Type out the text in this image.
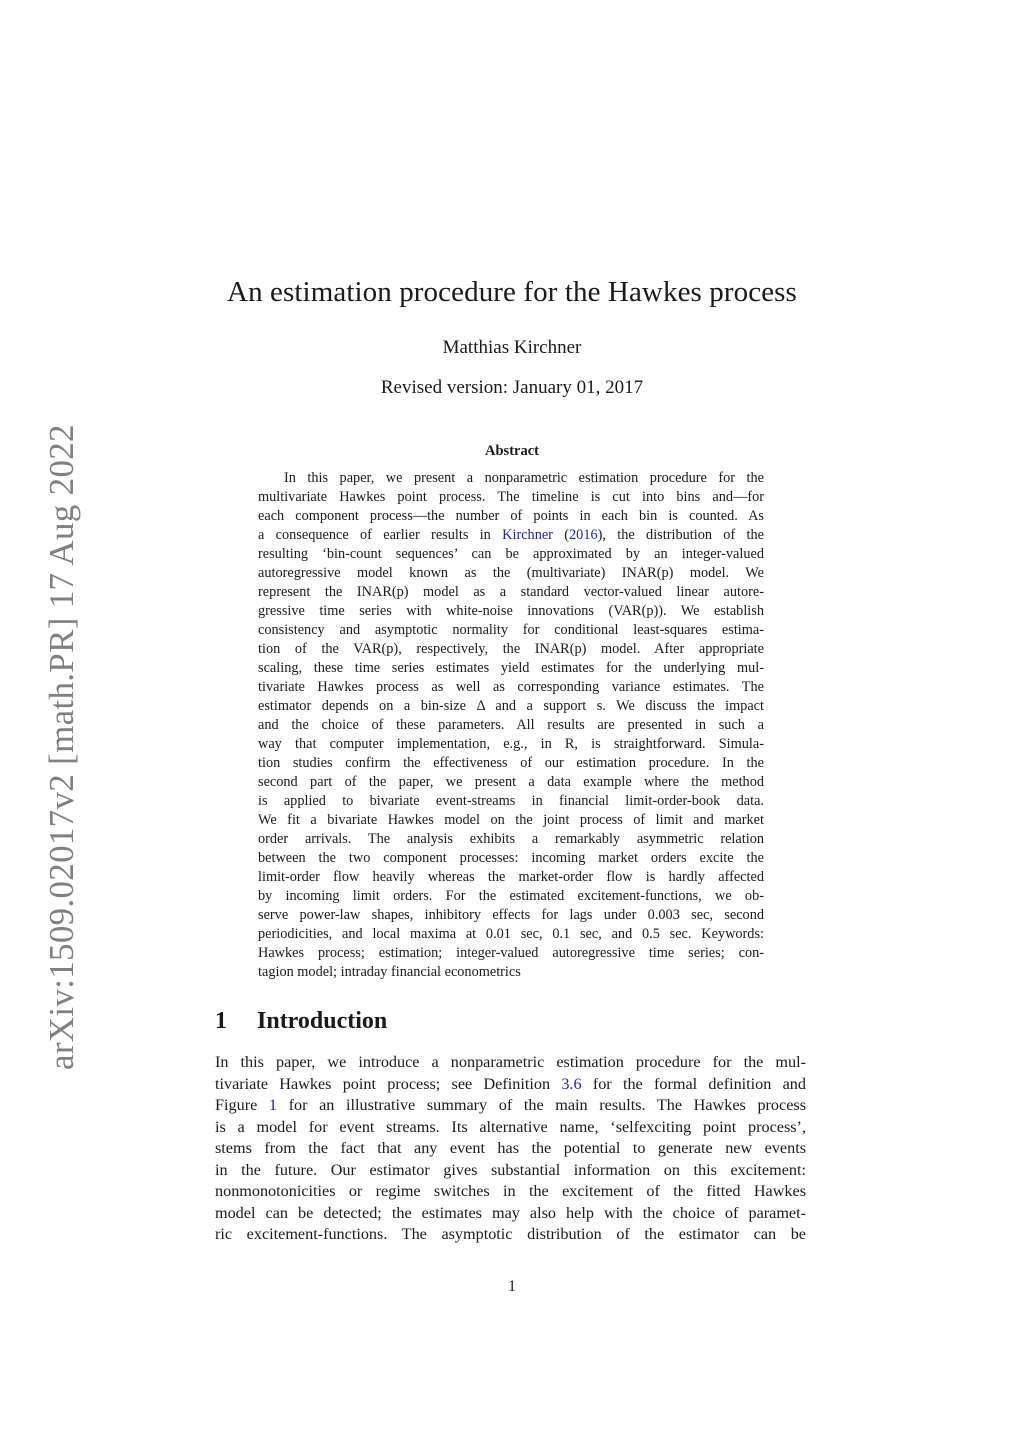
arXiv:1509.02017v2 [math.PR] 17 Aug 2022
An estimation procedure for the Hawkes process
Matthias Kirchner
Revised version: January 01, 2017
Abstract
In this paper, we present a nonparametric estimation procedure for the
multivariate Hawkes point process. The timeline is cut into bins and—for
each component process—the number of points in each bin is counted. As
a consequence of earlier results in Kirchner (2016), the distribution of the
resulting ‘bin-count sequences’ can be approximated by an integer-valued
autoregressive model known as the (multivariate) INAR(p) model. We
represent the INAR(p) model as a standard vector-valued linear autore-
gressive time series with white-noise innovations (VAR(p)). We establish
consistency and asymptotic normality for conditional least-squares estima-
tion of the VAR(p), respectively, the INAR(p) model. After appropriate
scaling, these time series estimates yield estimates for the underlying mul-
tivariate Hawkes process as well as corresponding variance estimates. The
estimator depends on a bin-size Δ and a support s. We discuss the impact
and the choice of these parameters. All results are presented in such a
way that computer implementation, e.g., in R, is straightforward. Simula-
tion studies confirm the effectiveness of our estimation procedure. In the
second part of the paper, we present a data example where the method
is applied to bivariate event-streams in financial limit-order-book data.
We fit a bivariate Hawkes model on the joint process of limit and market
order arrivals. The analysis exhibits a remarkably asymmetric relation
between the two component processes: incoming market orders excite the
limit-order flow heavily whereas the market-order flow is hardly affected
by incoming limit orders. For the estimated excitement-functions, we ob-
serve power-law shapes, inhibitory effects for lags under 0.003 sec, second
periodicities, and local maxima at 0.01 sec, 0.1 sec, and 0.5 sec. Keywords:
Hawkes process; estimation; integer-valued autoregressive time series; con-
tagion model; intraday financial econometrics
1 Introduction
In this paper, we introduce a nonparametric estimation procedure for the mul-
tivariate Hawkes point process; see Definition 3.6 for the formal definition and
Figure 1 for an illustrative summary of the main results. The Hawkes process
is a model for event streams. Its alternative name, ‘selfexciting point process’,
stems from the fact that any event has the potential to generate new events
in the future. Our estimator gives substantial information on this excitement:
nonmonotonicities or regime switches in the excitement of the fitted Hawkes
model can be detected; the estimates may also help with the choice of paramet-
ric excitement-functions. The asymptotic distribution of the estimator can be
1
